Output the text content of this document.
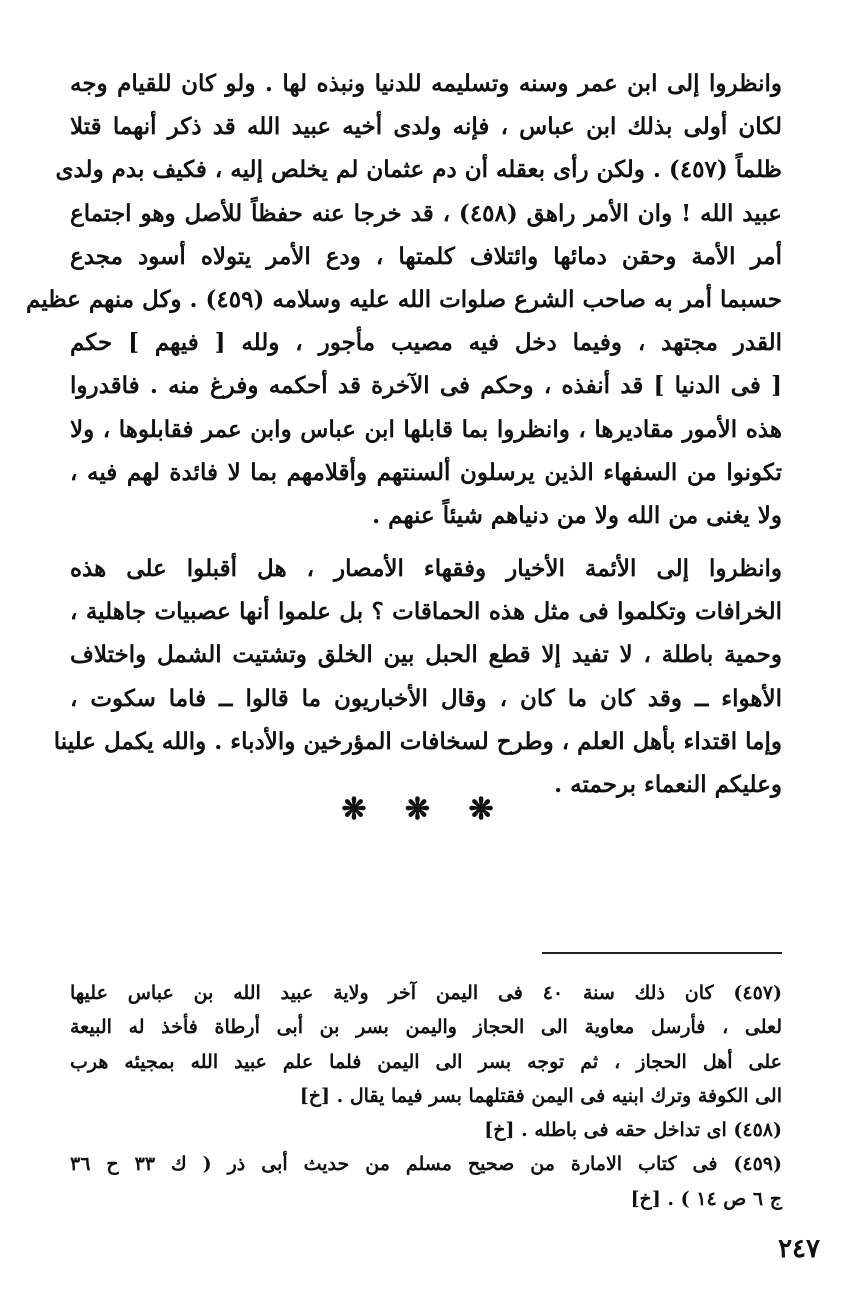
وانظروا إلى ابن عمر وسنه وتسليمه للدنيا ونبذه لها . ولو كان للقيام وجه
لكان أولى بذلك ابن عباس ، فإنه ولدى أخيه عبيد الله قد ذكر أنهما قتلا
ظلماً (٤٥٧) . ولكن رأى بعقله أن دم عثمان لم يخلص إليه ، فكيف بدم ولدى
عبيد الله ! وان الأمر راهق (٤٥٨) ، قد خرجا عنه حفظاً للأصل وهو اجتماع
أمر الأمة وحقن دمائها وائتلاف كلمتها ، ودع الأمر يتولاه أسود مجدع
حسبما أمر به صاحب الشرع صلوات الله عليه وسلامه (٤٥٩) . وكل منهم عظيم
القدر مجتهد ، وفيما دخل فيه مصيب مأجور ، ولله [ فيهم ] حكم
[ فى الدنيا ] قد أنفذه ، وحكم فى الآخرة قد أحكمه وفرغ منه . فاقدروا
هذه الأمور مقاديرها ، وانظروا بما قابلها ابن عباس وابن عمر فقابلوها ، ولا
تكونوا من السفهاء الذين يرسلون ألسنتهم وأقلامهم بما لا فائدة لهم فيه ،
ولا يغنى من الله ولا من دنياهم شيئاً عنهم .
وانظروا إلى الأئمة الأخيار وفقهاء الأمصار ، هل أقبلوا على هذه
الخرافات وتكلموا فى مثل هذه الحماقات ؟ بل علموا أنها عصبيات جاهلية ،
وحمية باطلة ، لا تفيد إلا قطع الحبل بين الخلق وتشتيت الشمل واختلاف
الأهواء ــ وقد كان ما كان ، وقال الأخباريون ما قالوا ــ فاما سكوت ،
وإما اقتداء بأهل العلم ، وطرح لسخافات المؤرخين والأدباء . والله يكمل علينا
وعليكم النعماء برحمته .
❋ ❋ ❋
(٤٥٧) كان ذلك سنة ٤٠ فى اليمن آخر ولاية عبيد الله بن عباس عليها
لعلى ، فأرسل معاوية الى الحجاز واليمن بسر بن أبى أرطاة فأخذ له البيعة
على أهل الحجاز ، ثم توجه بسر الى اليمن فلما علم عبيد الله بمجيئه هرب
الى الكوفة وترك ابنيه فى اليمن فقتلهما بسر فيما يقال . [خ]
(٤٥٨) اى تداخل حقه فى باطله . [خ]
(٤٥٩) فى كتاب الامارة من صحيح مسلم من حديث أبى ذر ( ك ٣٣ ح ٣٦
ج ٦ ص ١٤ ) . [خ]
٢٤٧
